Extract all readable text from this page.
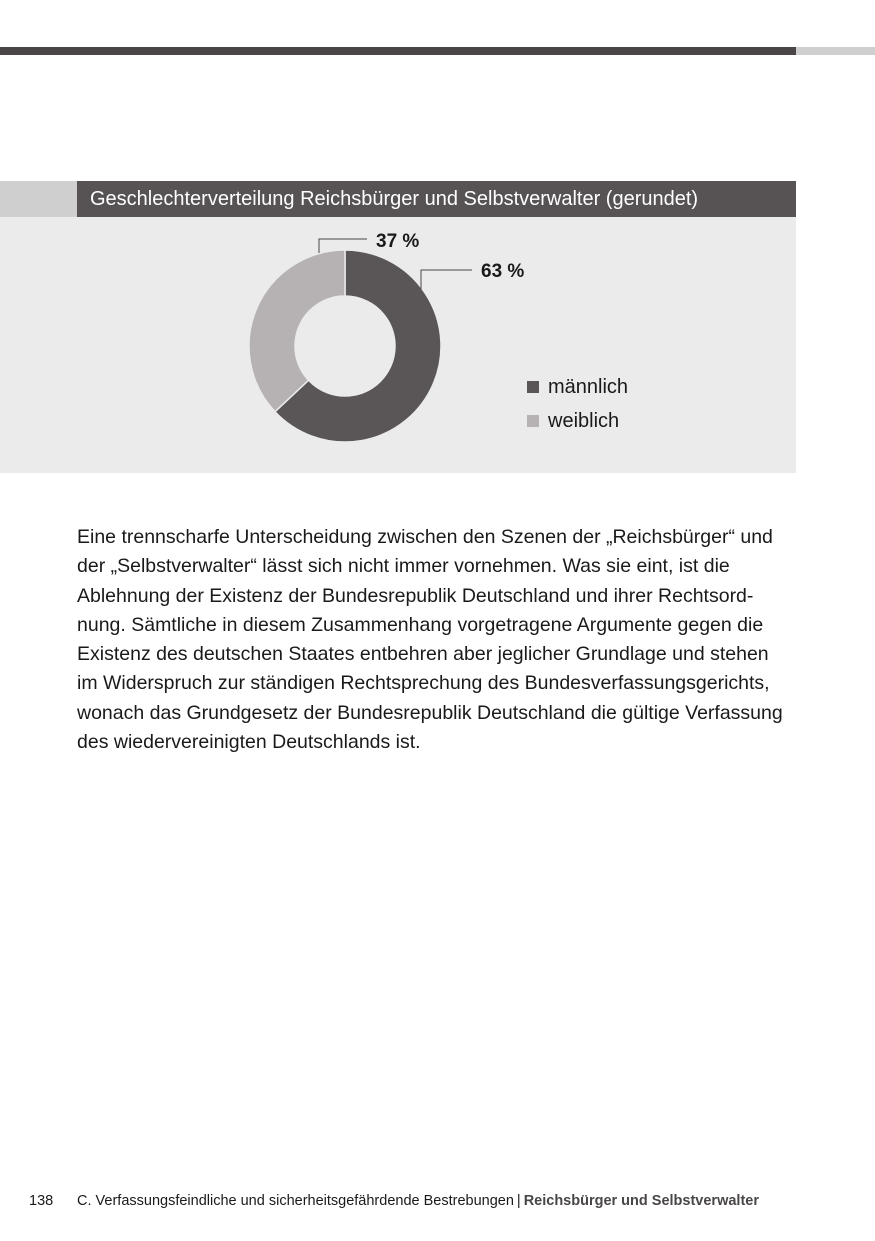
Geschlechterverteilung Reichsbürger und Selbstverwalter (gerundet)
63 %
37 %
männlich
weiblich

Eine trennscharfe Unterscheidung zwischen den Szenen der „Reichsbürger“ und
der „Selbstverwalter“ lässt sich nicht immer vornehmen. Was sie eint, ist die
Ablehnung der Existenz der Bundesrepublik Deutschland und ihrer Rechtsord-
nung. Sämtliche in diesem Zusammenhang vorgetragene Argumente gegen die
Existenz des deutschen Staates entbehren aber jeglicher Grundlage und stehen
im Widerspruch zur ständigen Rechtsprechung des Bundesverfassungsgerichts,
wonach das Grundgesetz der Bundesrepublik Deutschland die gültige Verfassung
des wiedervereinigten Deutschlands ist.

138 C. Verfassungsfeindliche und sicherheitsgefährdende Bestrebungen | Reichsbürger und Selbstverwalter
